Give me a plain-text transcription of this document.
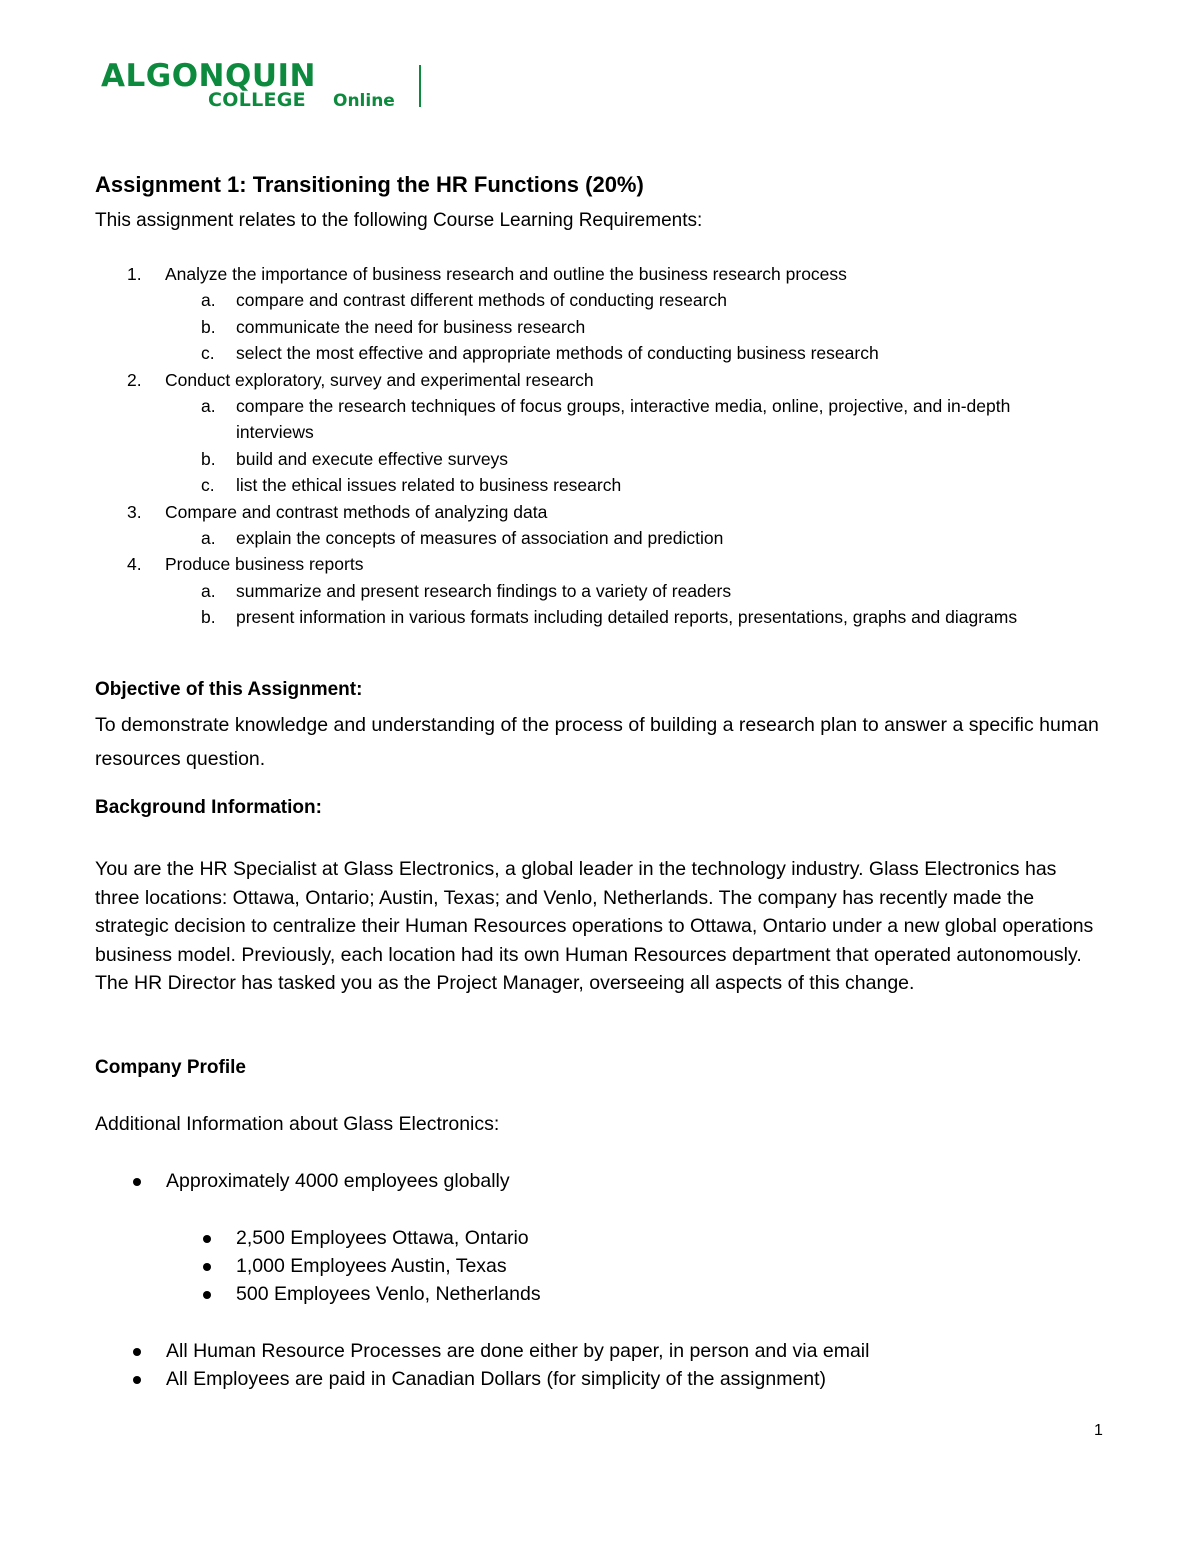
ALGONQUIN
COLLEGE Online
Assignment 1: Transitioning the HR Functions (20%)

This assignment relates to the following Course Learning Requirements:

1. Analyze the importance of business research and outline the business research process
a. compare and contrast different methods of conducting research
b. communicate the need for business research
c. select the most effective and appropriate methods of conducting business research
2. Conduct exploratory, survey and experimental research
a. compare the research techniques of focus groups, interactive media, online, projective, and in-depth interviews
b. build and execute effective surveys
c. list the ethical issues related to business research
3. Compare and contrast methods of analyzing data
a. explain the concepts of measures of association and prediction
4. Produce business reports
a. summarize and present research findings to a variety of readers
b. present information in various formats including detailed reports, presentations, graphs and diagrams
Objective of this Assignment:

To demonstrate knowledge and understanding of the process of building a research plan to answer a specific human resources question.

Background Information:

You are the HR Specialist at Glass Electronics, a global leader in the technology industry. Glass Electronics has three locations: Ottawa, Ontario; Austin, Texas; and Venlo, Netherlands. The company has recently made the strategic decision to centralize their Human Resources operations to Ottawa, Ontario under a new global operations business model. Previously, each location had its own Human Resources department that operated autonomously. The HR Director has tasked you as the Project Manager, overseeing all aspects of this change.

Company Profile

Additional Information about Glass Electronics:

Approximately 4000 employees globally
2,500 Employees Ottawa, Ontario
1,000 Employees Austin, Texas
500 Employees Venlo, Netherlands
All Human Resource Processes are done either by paper, in person and via email
All Employees are paid in Canadian Dollars (for simplicity of the assignment)
1
